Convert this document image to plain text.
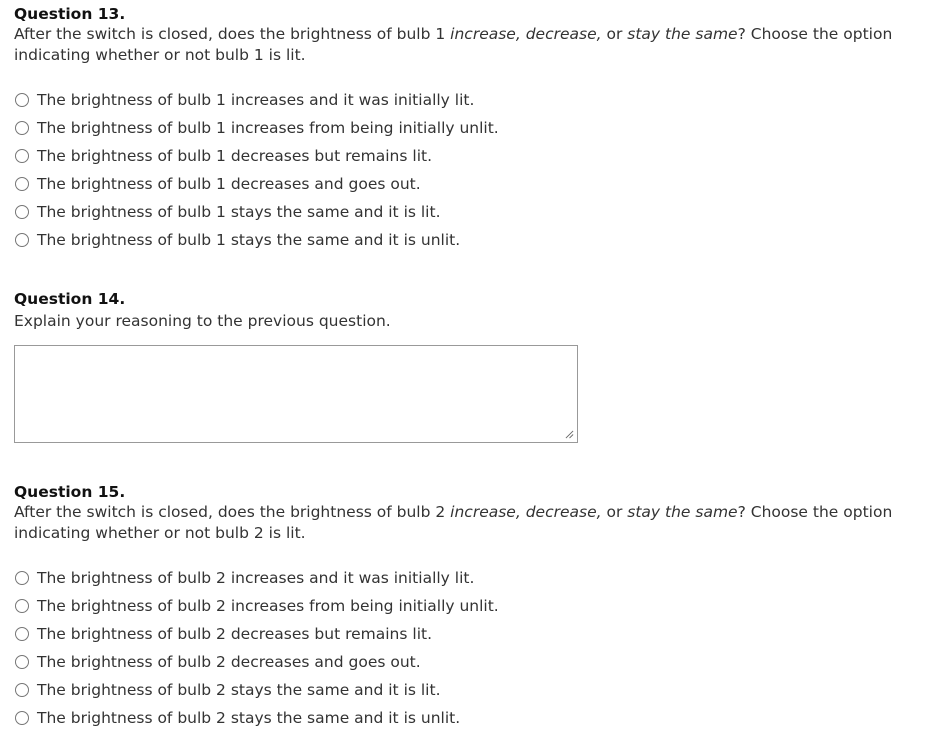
Question 13.

After the switch is closed, does the brightness of bulb 1 increase, decrease, or stay the same? Choose the option indicating whether or not bulb 1 is lit.

The brightness of bulb 1 increases and it was initially lit.
The brightness of bulb 1 increases from being initially unlit.
The brightness of bulb 1 decreases but remains lit.
The brightness of bulb 1 decreases and goes out.
The brightness of bulb 1 stays the same and it is lit.
The brightness of bulb 1 stays the same and it is unlit.

Question 14.

Explain your reasoning to the previous question.

Question 15.

After the switch is closed, does the brightness of bulb 2 increase, decrease, or stay the same? Choose the option indicating whether or not bulb 2 is lit.

The brightness of bulb 2 increases and it was initially lit.
The brightness of bulb 2 increases from being initially unlit.
The brightness of bulb 2 decreases but remains lit.
The brightness of bulb 2 decreases and goes out.
The brightness of bulb 2 stays the same and it is lit.
The brightness of bulb 2 stays the same and it is unlit.
